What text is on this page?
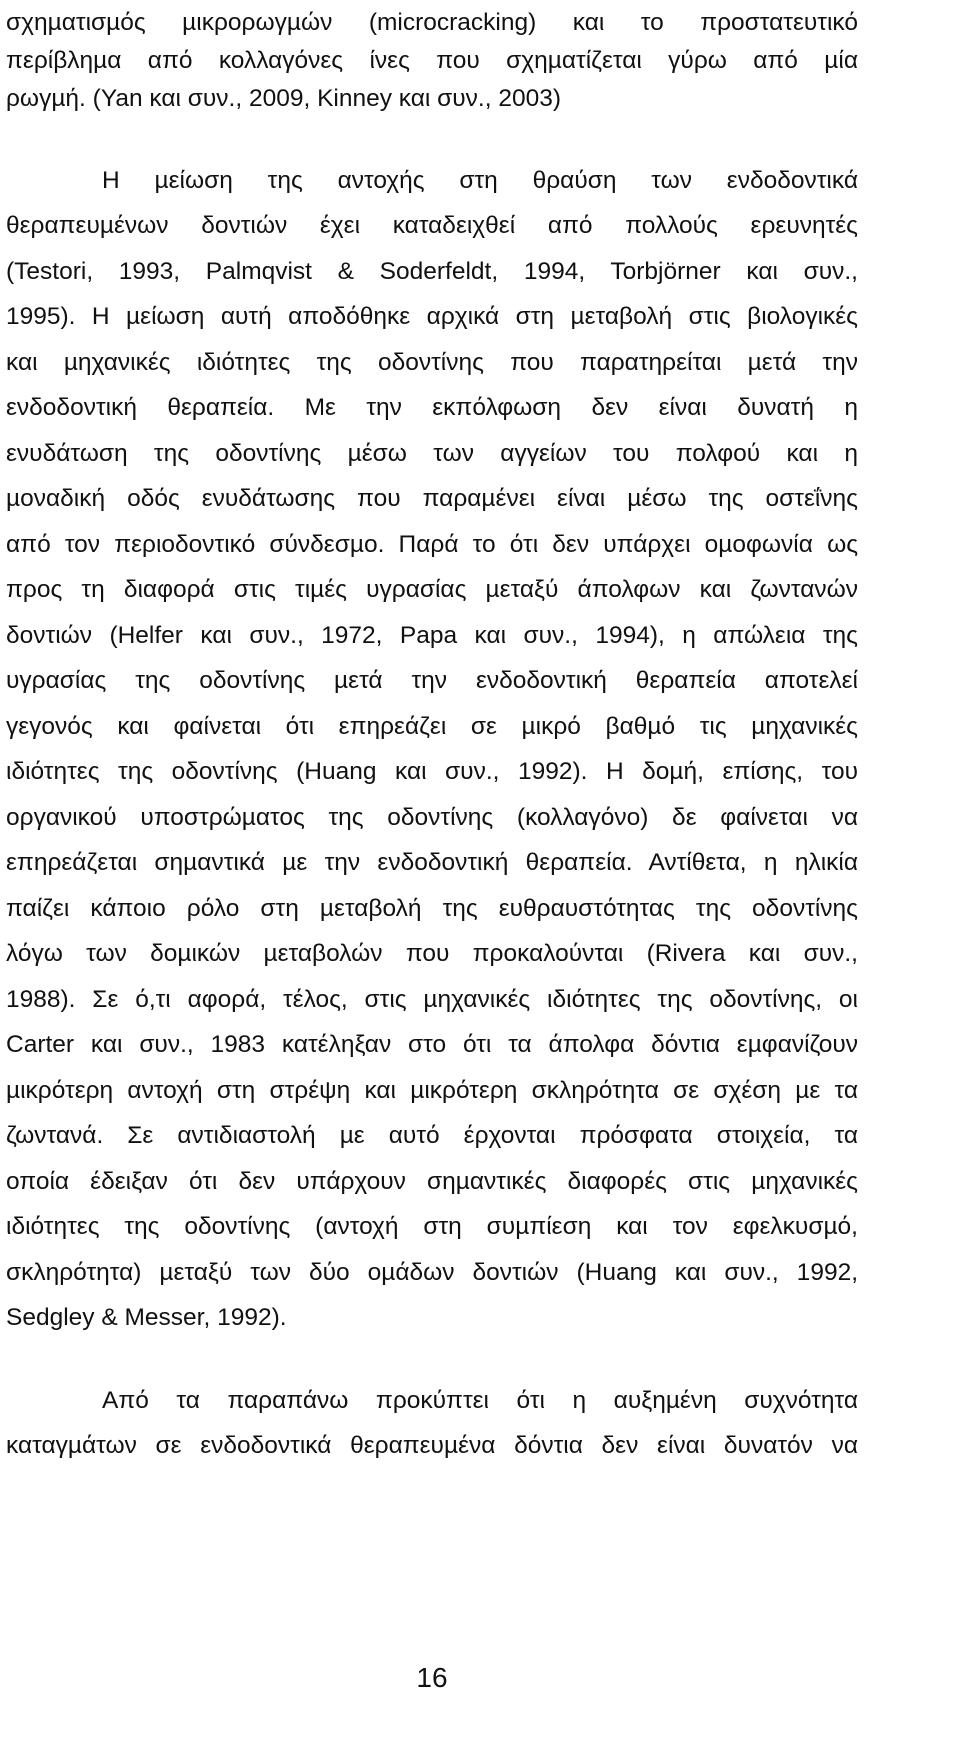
σχηµατισµός µικρορωγµών (microcracking) και το προστατευτικό
περίβληµα από κολλαγόνες ίνες που σχηµατίζεται γύρω από µία
ρωγµή. (Yan και συν., 2009, Kinney και συν., 2003)
Η µείωση της αντοχής στη θραύση των ενδοδοντικά
θεραπευµένων δοντιών έχει καταδειχθεί από πολλούς ερευνητές
(Testori, 1993, Palmqvist & Soderfeldt, 1994, Torbjörner και συν.,
1995). Η µείωση αυτή αποδόθηκε αρχικά στη µεταβολή στις βιολογικές
και µηχανικές ιδιότητες της οδοντίνης που παρατηρείται µετά την
ενδοδοντική θεραπεία. Με την εκπόλφωση δεν είναι δυνατή η
ενυδάτωση της οδοντίνης µέσω των αγγείων του πολφού και η
µοναδική οδός ενυδάτωσης που παραµένει είναι µέσω της οστεΐνης
από τον περιοδοντικό σύνδεσµο. Παρά το ότι δεν υπάρχει οµοφωνία ως
προς τη διαφορά στις τιµές υγρασίας µεταξύ άπολφων και ζωντανών
δοντιών (Helfer και συν., 1972, Papa και συν., 1994), η απώλεια της
υγρασίας της οδοντίνης µετά την ενδοδοντική θεραπεία αποτελεί
γεγονός και φαίνεται ότι επηρεάζει σε µικρό βαθµό τις µηχανικές
ιδιότητες της οδοντίνης (Huang και συν., 1992). Η δοµή, επίσης, του
οργανικού υποστρώµατος της οδοντίνης (κολλαγόνο) δε φαίνεται να
επηρεάζεται σηµαντικά µε την ενδοδοντική θεραπεία. Αντίθετα, η ηλικία
παίζει κάποιο ρόλο στη µεταβολή της ευθραυστότητας της οδοντίνης
λόγω των δοµικών µεταβολών που προκαλούνται (Rivera και συν.,
1988). Σε ό,τι αφορά, τέλος, στις µηχανικές ιδιότητες της οδοντίνης, οι
Carter και συν., 1983 κατέληξαν στο ότι τα άπολφα δόντια εµφανίζουν
µικρότερη αντοχή στη στρέψη και µικρότερη σκληρότητα σε σχέση µε τα
ζωντανά. Σε αντιδιαστολή µε αυτό έρχονται πρόσφατα στοιχεία, τα
οποία έδειξαν ότι δεν υπάρχουν σηµαντικές διαφορές στις µηχανικές
ιδιότητες της οδοντίνης (αντοχή στη συµπίεση και τον εφελκυσµό,
σκληρότητα) µεταξύ των δύο οµάδων δοντιών (Huang και συν., 1992,
Sedgley & Messer, 1992).
Από τα παραπάνω προκύπτει ότι η αυξηµένη συχνότητα
καταγµάτων σε ενδοδοντικά θεραπευµένα δόντια δεν είναι δυνατόν να
16
